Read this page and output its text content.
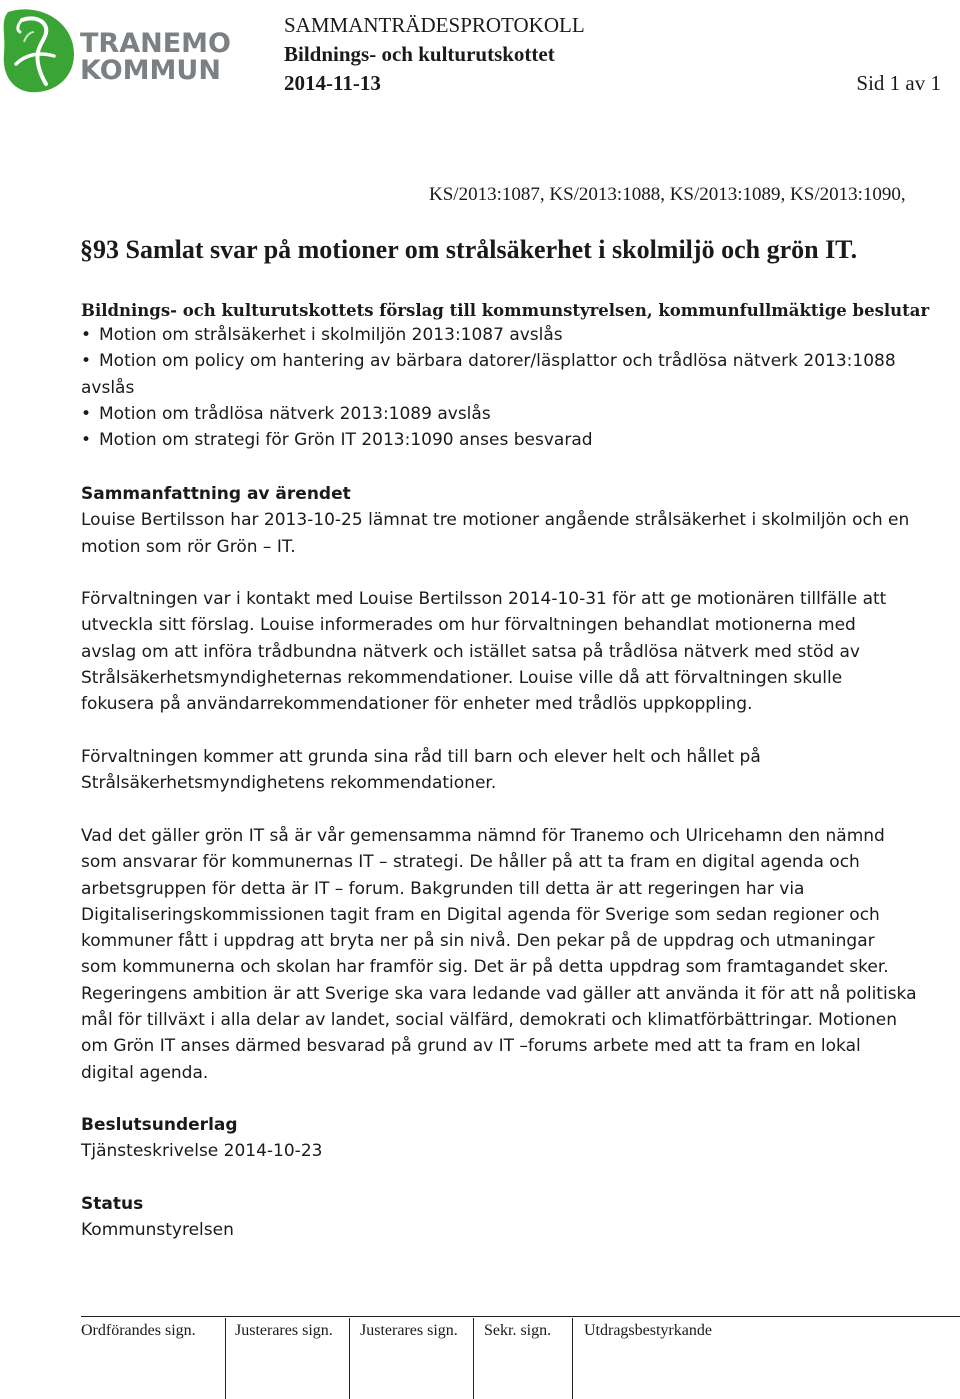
TRANEMO
KOMMUN
SAMMANTRÄDESPROTOKOLL
Bildnings- och kulturutskottet
2014-11-13	Sid 1 av 1
KS/2013:1087, KS/2013:1088, KS/2013:1089, KS/2013:1090,
§93 Samlat svar på motioner om strålsäkerhet i skolmiljö och grön IT.
Bildnings- och kulturutskottets förslag till kommunstyrelsen, kommunfullmäktige beslutar
• Motion om strålsäkerhet i skolmiljön 2013:1087 avslås
• Motion om policy om hantering av bärbara datorer/läsplattor och trådlösa nätverk 2013:1088
avslås
• Motion om trådlösa nätverk 2013:1089 avslås
• Motion om strategi för Grön IT 2013:1090 anses besvarad
Sammanfattning av ärendet
Louise Bertilsson har 2013-10-25 lämnat tre motioner angående strålsäkerhet i skolmiljön och en
motion som rör Grön – IT.
Förvaltningen var i kontakt med Louise Bertilsson 2014-10-31 för att ge motionären tillfälle att
utveckla sitt förslag. Louise informerades om hur förvaltningen behandlat motionerna med
avslag om att införa trådbundna nätverk och istället satsa på trådlösa nätverk med stöd av
Strålsäkerhetsmyndigheternas rekommendationer. Louise ville då att förvaltningen skulle
fokusera på användarrekommendationer för enheter med trådlös uppkoppling.
Förvaltningen kommer att grunda sina råd till barn och elever helt och hållet på
Strålsäkerhetsmyndighetens rekommendationer.
Vad det gäller grön IT så är vår gemensamma nämnd för Tranemo och Ulricehamn den nämnd
som ansvarar för kommunernas IT – strategi. De håller på att ta fram en digital agenda och
arbetsgruppen för detta är IT – forum. Bakgrunden till detta är att regeringen har via
Digitaliseringskommissionen tagit fram en Digital agenda för Sverige som sedan regioner och
kommuner fått i uppdrag att bryta ner på sin nivå. Den pekar på de uppdrag och utmaningar
som kommunerna och skolan har framför sig. Det är på detta uppdrag som framtagandet sker.
Regeringens ambition är att Sverige ska vara ledande vad gäller att använda it för att nå politiska
mål för tillväxt i alla delar av landet, social välfärd, demokrati och klimatförbättringar. Motionen
om Grön IT anses därmed besvarad på grund av IT –forums arbete med att ta fram en lokal
digital agenda.
Beslutsunderlag
Tjänsteskrivelse 2014-10-23
Status
Kommunstyrelsen
Ordförandes sign. Justerares sign. Justerares sign. Sekr. sign. Utdragsbestyrkande
